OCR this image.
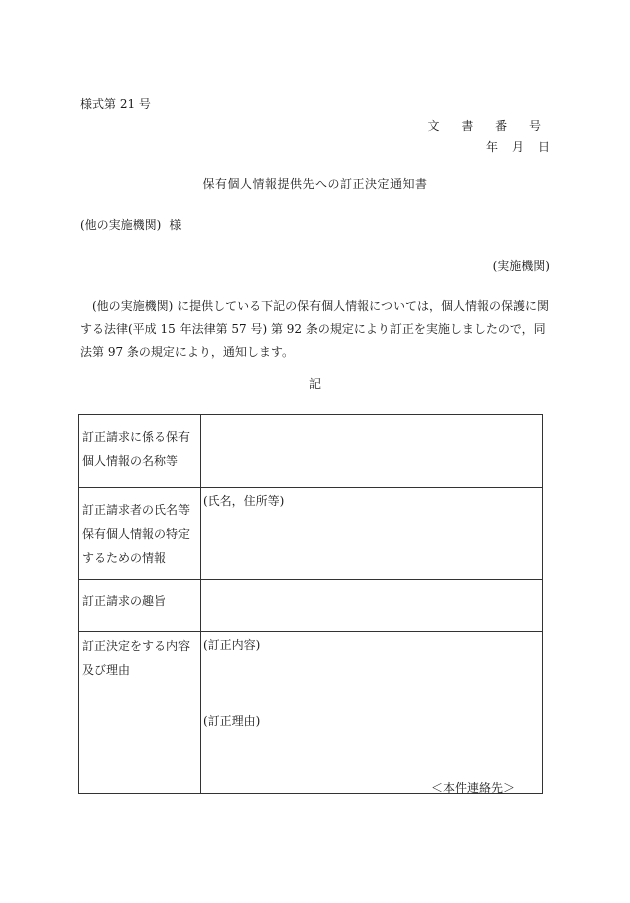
様式第 21 号
文 書 番 号
年 月 日
保有個人情報提供先への訂正決定通知書
(他の実施機関) 様
(実施機関)
(他の実施機関) に提供している下記の保有個人情報については，個人情報の保護に関する法律(平成 15 年法律第 57 号) 第 92 条の規定により訂正を実施しましたので，同法第 97 条の規定により，通知します。
記
訂正請求に係る保有個人情報の名称等	
訂正請求者の氏名等保有個人情報の特定するための情報	(氏名，住所等)
訂正請求の趣旨	
訂正決定をする内容及び理由	(訂正内容)
(訂正理由)
＜本件連絡先＞
